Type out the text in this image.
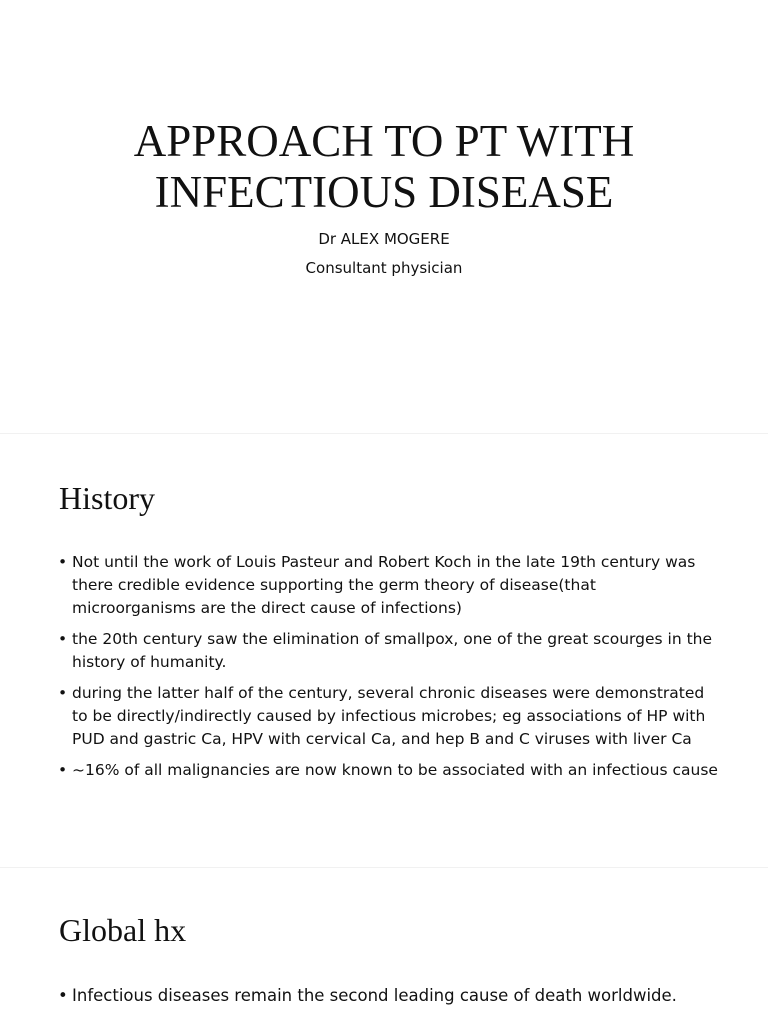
APPROACH TO PT WITH
INFECTIOUS DISEASE
Dr ALEX MOGERE
Consultant physician
History
• Not until the work of Louis Pasteur and Robert Koch in the late 19th century was there credible evidence supporting the germ theory of disease(that microorganisms are the direct cause of infections)
• the 20th century saw the elimination of smallpox, one of the great scourges in the history of humanity.
• during the latter half of the century, several chronic diseases were demonstrated to be directly/indirectly caused by infectious microbes; eg associations of HP with PUD and gastric Ca, HPV with cervical Ca, and hep B and C viruses with liver Ca
• ~16% of all malignancies are now known to be associated with an infectious cause
Global hx
• Infectious diseases remain the second leading cause of death worldwide.
